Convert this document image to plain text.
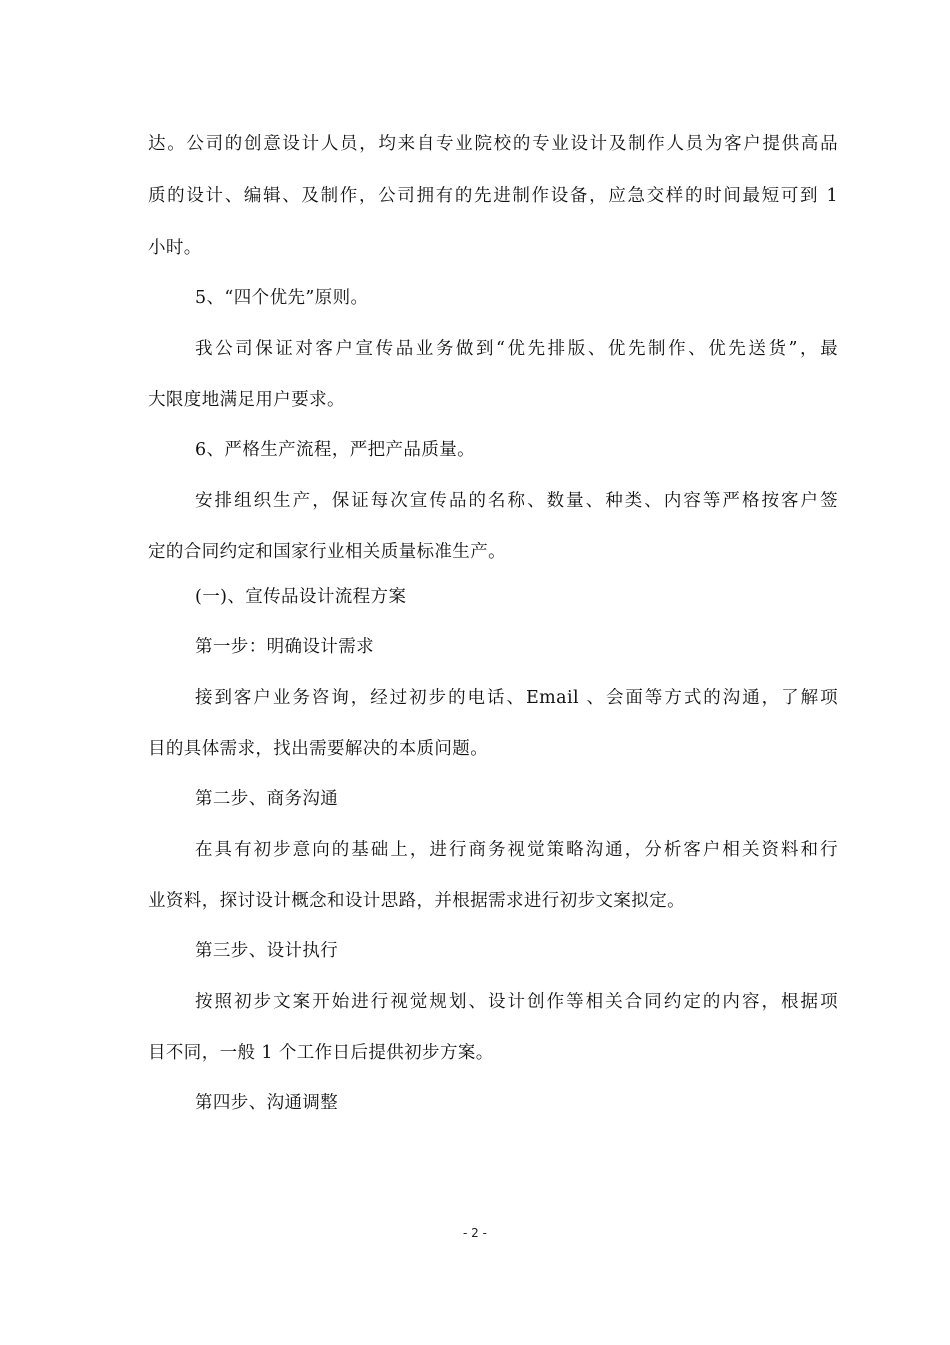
达。公司的创意设计人员，均来自专业院校的专业设计及制作人员为客户提供高品
质的设计、编辑、及制作，公司拥有的先进制作设备，应急交样的时间最短可到 1
小时。
5、“四个优先”原则。
我公司保证对客户宣传品业务做到“优先排版、优先制作、优先送货”，最
大限度地满足用户要求。
6、严格生产流程，严把产品质量。
安排组织生产，保证每次宣传品的名称、数量、种类、内容等严格按客户签
定的合同约定和国家行业相关质量标准生产。
(一)、宣传品设计流程方案
第一步：明确设计需求
接到客户业务咨询，经过初步的电话、Email 、会面等方式的沟通，了解项
目的具体需求，找出需要解决的本质问题。
第二步、商务沟通
在具有初步意向的基础上，进行商务视觉策略沟通，分析客户相关资料和行
业资料，探讨设计概念和设计思路，并根据需求进行初步文案拟定。
第三步、设计执行
按照初步文案开始进行视觉规划、设计创作等相关合同约定的内容，根据项
目不同，一般 1 个工作日后提供初步方案。
第四步、沟通调整
- 2 -
